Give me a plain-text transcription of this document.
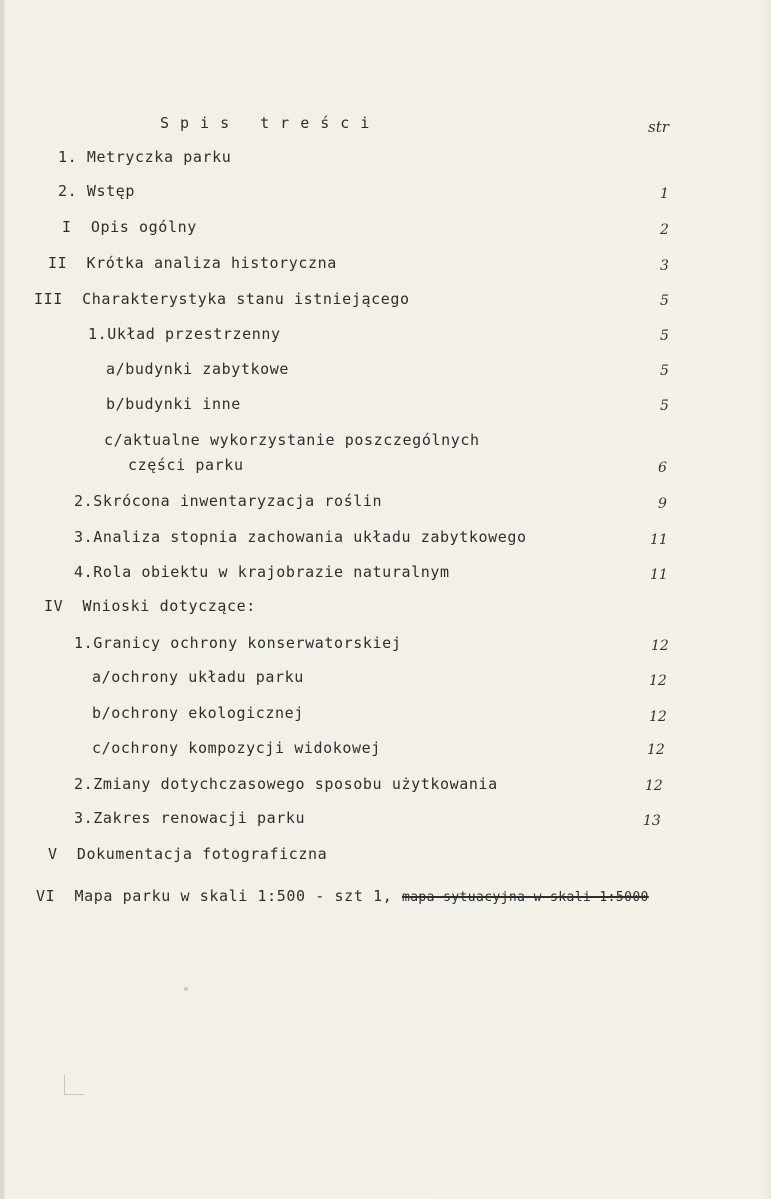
Spis treści	str
1. Metryczka parku
2. Wstęp	1
I  Opis ogólny	2
II  Krótka analiza historyczna	3
III  Charakterystyka stanu istniejącego	5
1.Układ przestrzenny	5
a/budynki zabytkowe	5
b/budynki inne	5
c/aktualne wykorzystanie poszczególnych
części parku	6
2.Skrócona inwentaryzacja roślin	9
3.Analiza stopnia zachowania układu zabytkowego	11
4.Rola obiektu w krajobrazie naturalnym	11
IV  Wnioski dotyczące:
1.Granicy ochrony konserwatorskiej	12
a/ochrony układu parku	12
b/ochrony ekologicznej	12
c/ochrony kompozycji widokowej	12
2.Zmiany dotychczasowego sposobu użytkowania	12
3.Zakres renowacji parku	13
V  Dokumentacja fotograficzna
VI  Mapa parku w skali 1:500 - szt 1, mapa sytuacyjna w skali 1:5000
